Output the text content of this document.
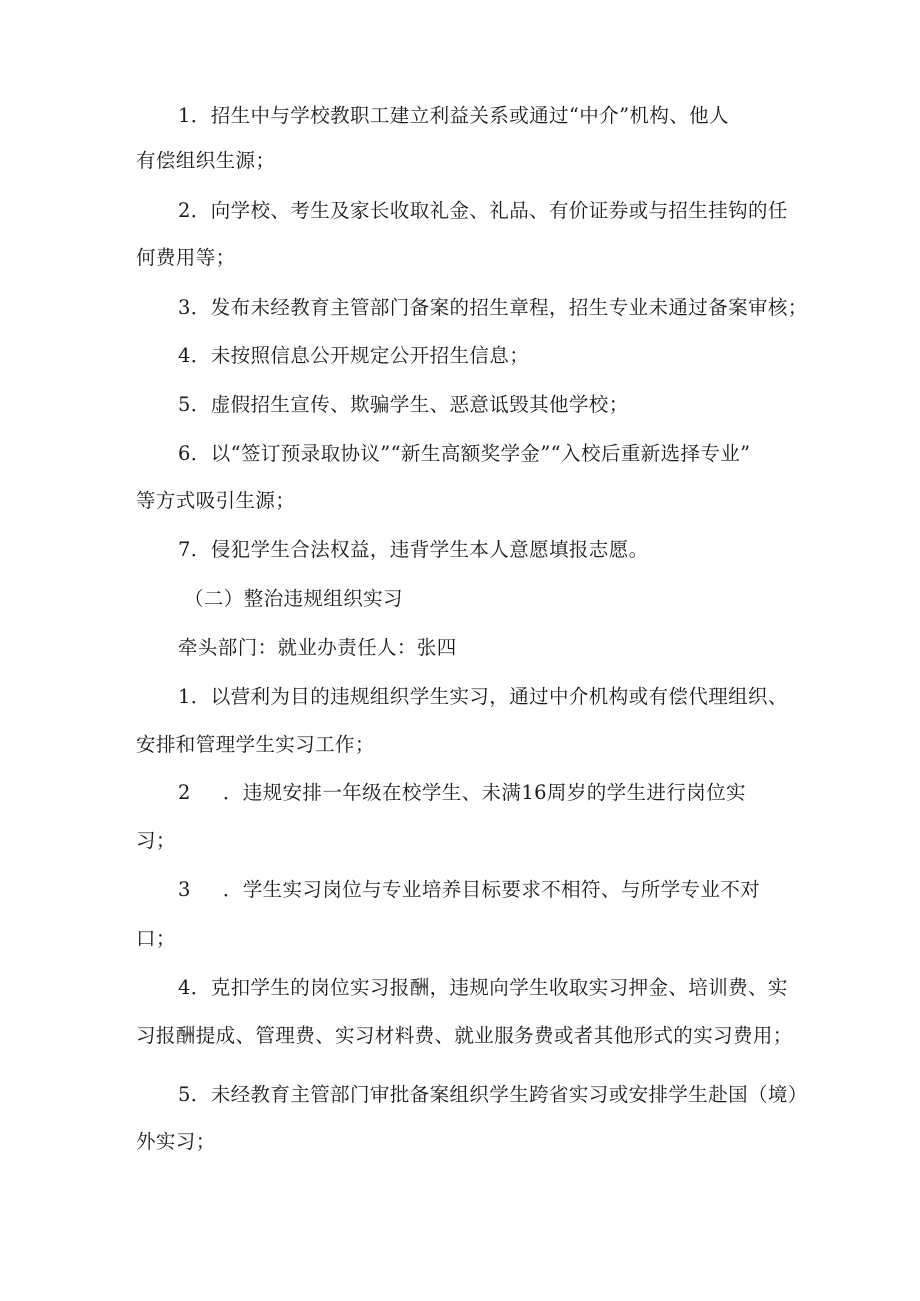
1．招生中与学校教职工建立利益关系或通过“中介”机构、他人
有偿组织生源；
2．向学校、考生及家长收取礼金、礼品、有价证券或与招生挂钩的任
何费用等；
3．发布未经教育主管部门备案的招生章程，招生专业未通过备案审核；
4．未按照信息公开规定公开招生信息；
5．虚假招生宣传、欺骗学生、恶意诋毁其他学校；
6．以“签订预录取协议”“新生高额奖学金”“入校后重新选择专业”
等方式吸引生源；
7．侵犯学生合法权益，违背学生本人意愿填报志愿。
（二）整治违规组织实习
牵头部门：就业办责任人：张四
1．以营利为目的违规组织学生实习，通过中介机构或有偿代理组织、
安排和管理学生实习工作；
2 ．违规安排一年级在校学生、未满16周岁的学生进行岗位实
习；
3 ．学生实习岗位与专业培养目标要求不相符、与所学专业不对
口；
4．克扣学生的岗位实习报酬，违规向学生收取实习押金、培训费、实
习报酬提成、管理费、实习材料费、就业服务费或者其他形式的实习费用；
5．未经教育主管部门审批备案组织学生跨省实习或安排学生赴国（境）
外实习；
